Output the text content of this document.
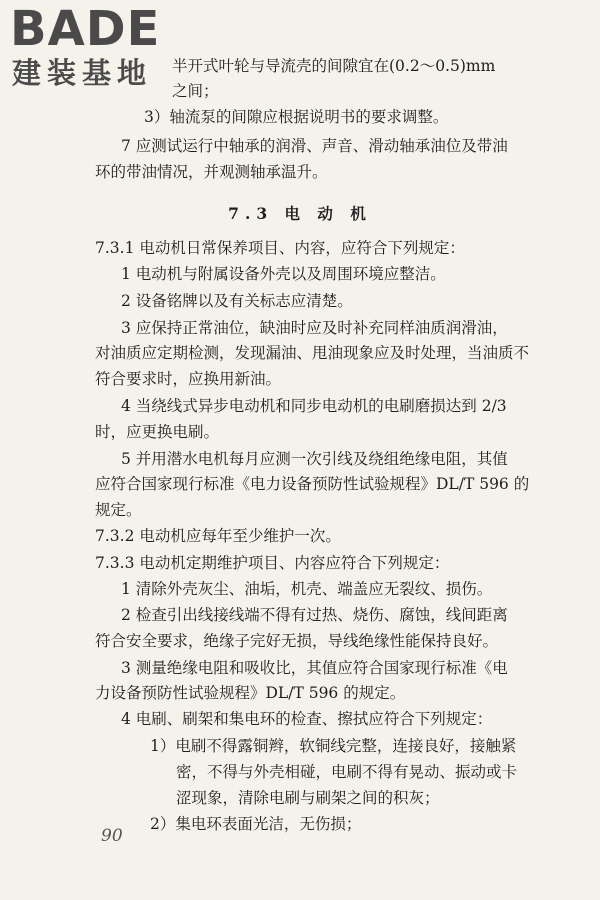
BADE
建装基地 半开式叶轮与导流壳的间隙宜在(0.2～0.5)mm
之间；
3）轴流泵的间隙应根据说明书的要求调整。
7 应测试运行中轴承的润滑、声音、滑动轴承油位及带油
环的带油情况，并观测轴承温升。
7.3 电 动 机
7.3.1 电动机日常保养项目、内容，应符合下列规定：
1 电动机与附属设备外壳以及周围环境应整洁。
2 设备铭牌以及有关标志应清楚。
3 应保持正常油位，缺油时应及时补充同样油质润滑油，
对油质应定期检测，发现漏油、甩油现象应及时处理，当油质不
符合要求时，应换用新油。
4 当绕线式异步电动机和同步电动机的电刷磨损达到 2/3
时，应更换电刷。
5 并用潜水电机每月应测一次引线及绕组绝缘电阻，其值
应符合国家现行标准《电力设备预防性试验规程》DL/T 596 的
规定。
7.3.2 电动机应每年至少维护一次。
7.3.3 电动机定期维护项目、内容应符合下列规定：
1 清除外壳灰尘、油垢，机壳、端盖应无裂纹、损伤。
2 检查引出线接线端不得有过热、烧伤、腐蚀，线间距离
符合安全要求，绝缘子完好无损，导线绝缘性能保持良好。
3 测量绝缘电阻和吸收比，其值应符合国家现行标准《电
力设备预防性试验规程》DL/T 596 的规定。
4 电刷、刷架和集电环的检查、擦拭应符合下列规定：
1）电刷不得露铜辫，软铜线完整，连接良好，接触紧
密，不得与外壳相碰，电刷不得有晃动、振动或卡
涩现象，清除电刷与刷架之间的积灰；
2）集电环表面光洁，无伤损；
90
